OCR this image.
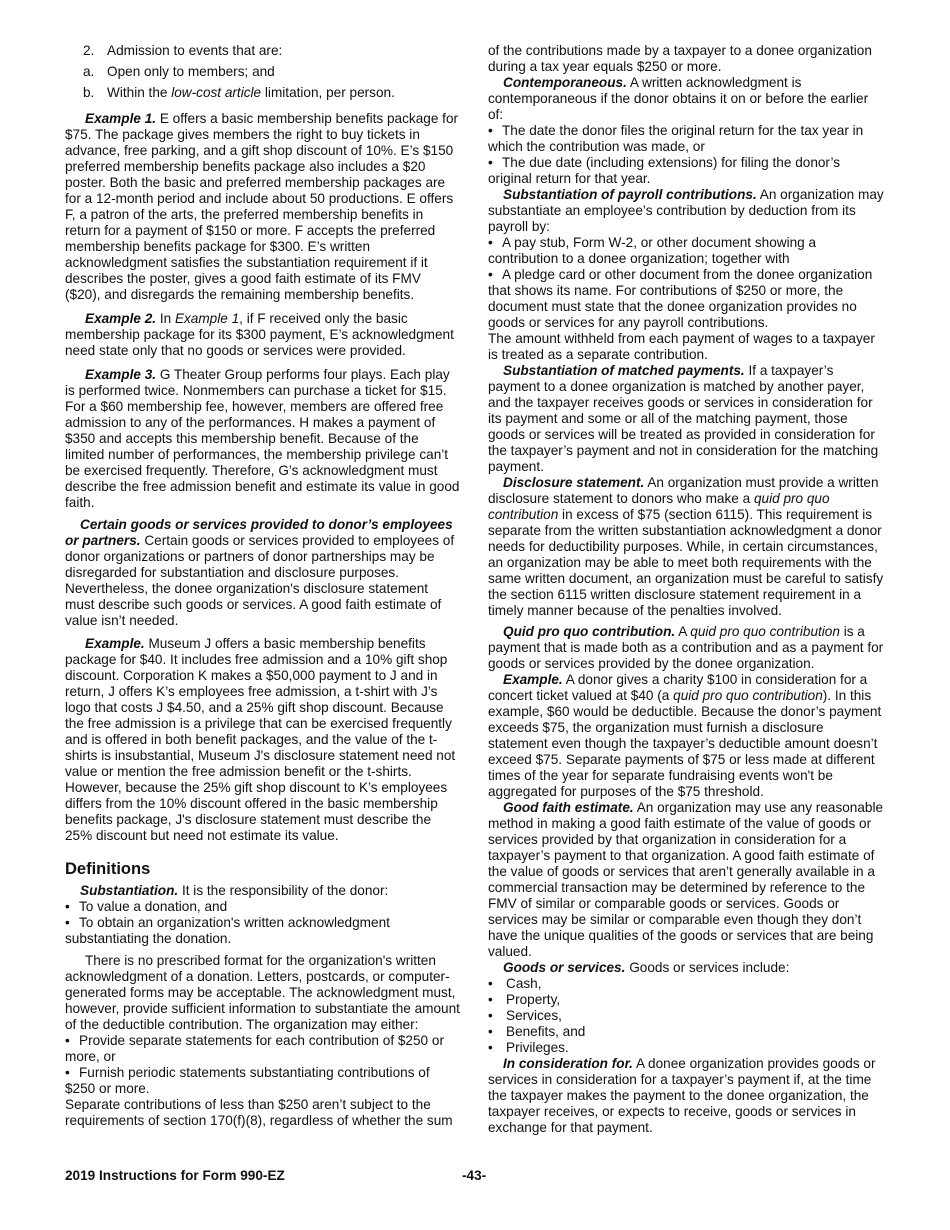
2. Admission to events that are:
a. Open only to members; and
b. Within the low-cost article limitation, per person.

Example 1. E offers a basic membership benefits package for $75. The package gives members the right to buy tickets in advance, free parking, and a gift shop discount of 10%. E’s $150 preferred membership benefits package also includes a $20 poster. Both the basic and preferred membership packages are for a 12-month period and include about 50 productions. E offers F, a patron of the arts, the preferred membership benefits in return for a payment of $150 or more. F accepts the preferred membership benefits package for $300. E’s written acknowledgment satisfies the substantiation requirement if it describes the poster, gives a good faith estimate of its FMV ($20), and disregards the remaining membership benefits.

Example 2. In Example 1, if F received only the basic membership package for its $300 payment, E’s acknowledgment need state only that no goods or services were provided.

Example 3. G Theater Group performs four plays. Each play is performed twice. Nonmembers can purchase a ticket for $15. For a $60 membership fee, however, members are offered free admission to any of the performances. H makes a payment of $350 and accepts this membership benefit. Because of the limited number of performances, the membership privilege can’t be exercised frequently. Therefore, G’s acknowledgment must describe the free admission benefit and estimate its value in good faith.

Certain goods or services provided to donor’s employees or partners. Certain goods or services provided to employees of donor organizations or partners of donor partnerships may be disregarded for substantiation and disclosure purposes. Nevertheless, the donee organization's disclosure statement must describe such goods or services. A good faith estimate of value isn’t needed.

Example. Museum J offers a basic membership benefits package for $40. It includes free admission and a 10% gift shop discount. Corporation K makes a $50,000 payment to J and in return, J offers K’s employees free admission, a t-shirt with J’s logo that costs J $4.50, and a 25% gift shop discount. Because the free admission is a privilege that can be exercised frequently and is offered in both benefit packages, and the value of the t-shirts is insubstantial, Museum J's disclosure statement need not value or mention the free admission benefit or the t-shirts. However, because the 25% gift shop discount to K’s employees differs from the 10% discount offered in the basic membership benefits package, J's disclosure statement must describe the 25% discount but need not estimate its value.

Definitions

Substantiation. It is the responsibility of the donor:

• To value a donation, and

• To obtain an organization's written acknowledgment substantiating the donation.

There is no prescribed format for the organization's written acknowledgment of a donation. Letters, postcards, or computer-generated forms may be acceptable. The acknowledgment must, however, provide sufficient information to substantiate the amount of the deductible contribution. The organization may either:

• Provide separate statements for each contribution of $250 or more, or

• Furnish periodic statements substantiating contributions of $250 or more.

Separate contributions of less than $250 aren’t subject to the requirements of section 170(f)(8), regardless of whether the sum

of the contributions made by a taxpayer to a donee organization during a tax year equals $250 or more.

Contemporaneous. A written acknowledgment is contemporaneous if the donor obtains it on or before the earlier of:

• The date the donor files the original return for the tax year in which the contribution was made, or

• The due date (including extensions) for filing the donor’s original return for that year.

Substantiation of payroll contributions. An organization may substantiate an employee’s contribution by deduction from its payroll by:

• A pay stub, Form W-2, or other document showing a contribution to a donee organization; together with

• A pledge card or other document from the donee organization that shows its name. For contributions of $250 or more, the document must state that the donee organization provides no goods or services for any payroll contributions.

The amount withheld from each payment of wages to a taxpayer is treated as a separate contribution.

Substantiation of matched payments. If a taxpayer’s payment to a donee organization is matched by another payer, and the taxpayer receives goods or services in consideration for its payment and some or all of the matching payment, those goods or services will be treated as provided in consideration for the taxpayer’s payment and not in consideration for the matching payment.

Disclosure statement. An organization must provide a written disclosure statement to donors who make a quid pro quo contribution in excess of $75 (section 6115). This requirement is separate from the written substantiation acknowledgment a donor needs for deductibility purposes. While, in certain circumstances, an organization may be able to meet both requirements with the same written document, an organization must be careful to satisfy the section 6115 written disclosure statement requirement in a timely manner because of the penalties involved.

Quid pro quo contribution. A quid pro quo contribution is a payment that is made both as a contribution and as a payment for goods or services provided by the donee organization.

Example. A donor gives a charity $100 in consideration for a concert ticket valued at $40 (a quid pro quo contribution). In this example, $60 would be deductible. Because the donor’s payment exceeds $75, the organization must furnish a disclosure statement even though the taxpayer’s deductible amount doesn’t exceed $75. Separate payments of $75 or less made at different times of the year for separate fundraising events won't be aggregated for purposes of the $75 threshold.

Good faith estimate. An organization may use any reasonable method in making a good faith estimate of the value of goods or services provided by that organization in consideration for a taxpayer’s payment to that organization. A good faith estimate of the value of goods or services that aren’t generally available in a commercial transaction may be determined by reference to the FMV of similar or comparable goods or services. Goods or services may be similar or comparable even though they don’t have the unique qualities of the goods or services that are being valued.

Goods or services. Goods or services include:

• Cash,
• Property,
• Services,
• Benefits, and
• Privileges.

In consideration for. A donee organization provides goods or services in consideration for a taxpayer’s payment if, at the time the taxpayer makes the payment to the donee organization, the taxpayer receives, or expects to receive, goods or services in exchange for that payment.

2019 Instructions for Form 990-EZ	-43-
